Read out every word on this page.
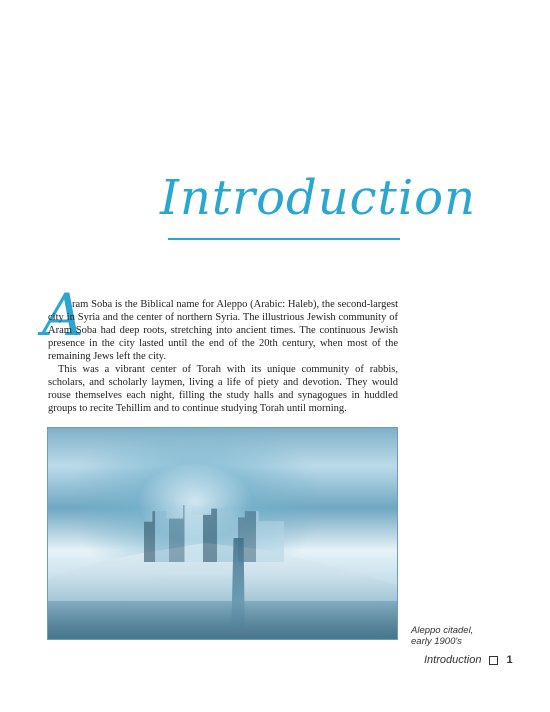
Introduction
A

ram Soba is the Biblical name for Aleppo (Arabic: Haleb), the second-largest city in Syria and the center of northern Syria. The illustrious Jewish community of Aram Soba had deep roots, stretching into ancient times. The continuous Jewish presence in the city lasted until the end of the 20th century, when most of the remaining Jews left the city.

This was a vibrant center of Torah with its unique community of rabbis, scholars, and scholarly laymen, living a life of piety and devotion. They would rouse themselves each night, filling the study halls and synagogues in huddled groups to recite Tehillim and to continue studying Torah until morning.

Aleppo citadel,
early 1900's
Introduction 1
